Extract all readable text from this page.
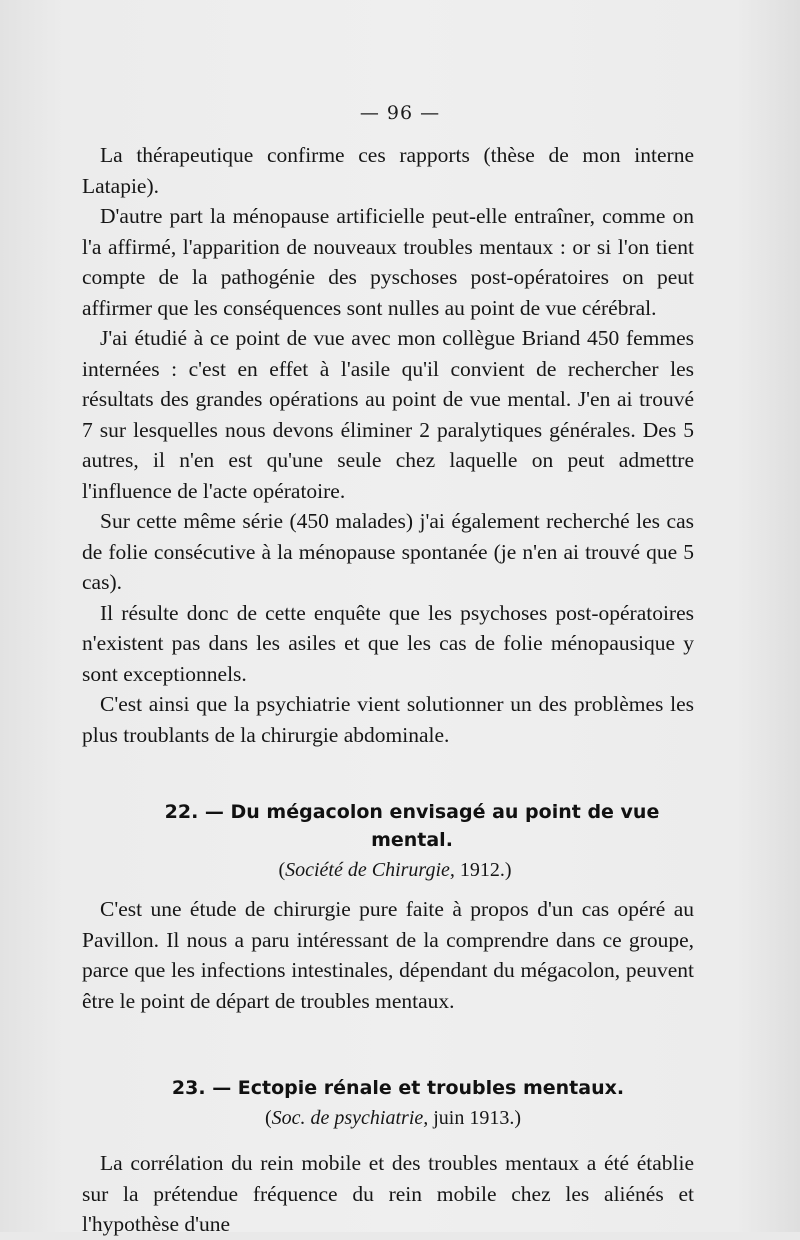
— 96 —

La thérapeutique confirme ces rapports (thèse de mon interne Latapie).

D'autre part la ménopause artificielle peut-elle entraîner, comme on l'a affirmé, l'apparition de nouveaux troubles mentaux : or si l'on tient compte de la pathogénie des pyschoses post-opératoires on peut affirmer que les conséquences sont nulles au point de vue cérébral.

J'ai étudié à ce point de vue avec mon collègue Briand 450 femmes internées : c'est en effet à l'asile qu'il convient de rechercher les résultats des grandes opérations au point de vue mental. J'en ai trouvé 7 sur lesquelles nous devons éliminer 2 paralytiques générales. Des 5 autres, il n'en est qu'une seule chez laquelle on peut admettre l'influence de l'acte opératoire.

Sur cette même série (450 malades) j'ai également recherché les cas de folie consécutive à la ménopause spontanée (je n'en ai trouvé que 5 cas).

Il résulte donc de cette enquête que les psychoses post-opératoires n'existent pas dans les asiles et que les cas de folie ménopausique y sont exceptionnels.

C'est ainsi que la psychiatrie vient solutionner un des problèmes les plus troublants de la chirurgie abdominale.

22. — Du mégacolon envisagé au point de vue mental.

(Société de Chirurgie, 1912.)

C'est une étude de chirurgie pure faite à propos d'un cas opéré au Pavillon. Il nous a paru intéressant de la comprendre dans ce groupe, parce que les infections intestinales, dépendant du mégacolon, peuvent être le point de départ de troubles mentaux.

23. — Ectopie rénale et troubles mentaux.

(Soc. de psychiatrie, juin 1913.)

La corrélation du rein mobile et des troubles mentaux a été établie sur la prétendue fréquence du rein mobile chez les aliénés et l'hypothèse d'une
